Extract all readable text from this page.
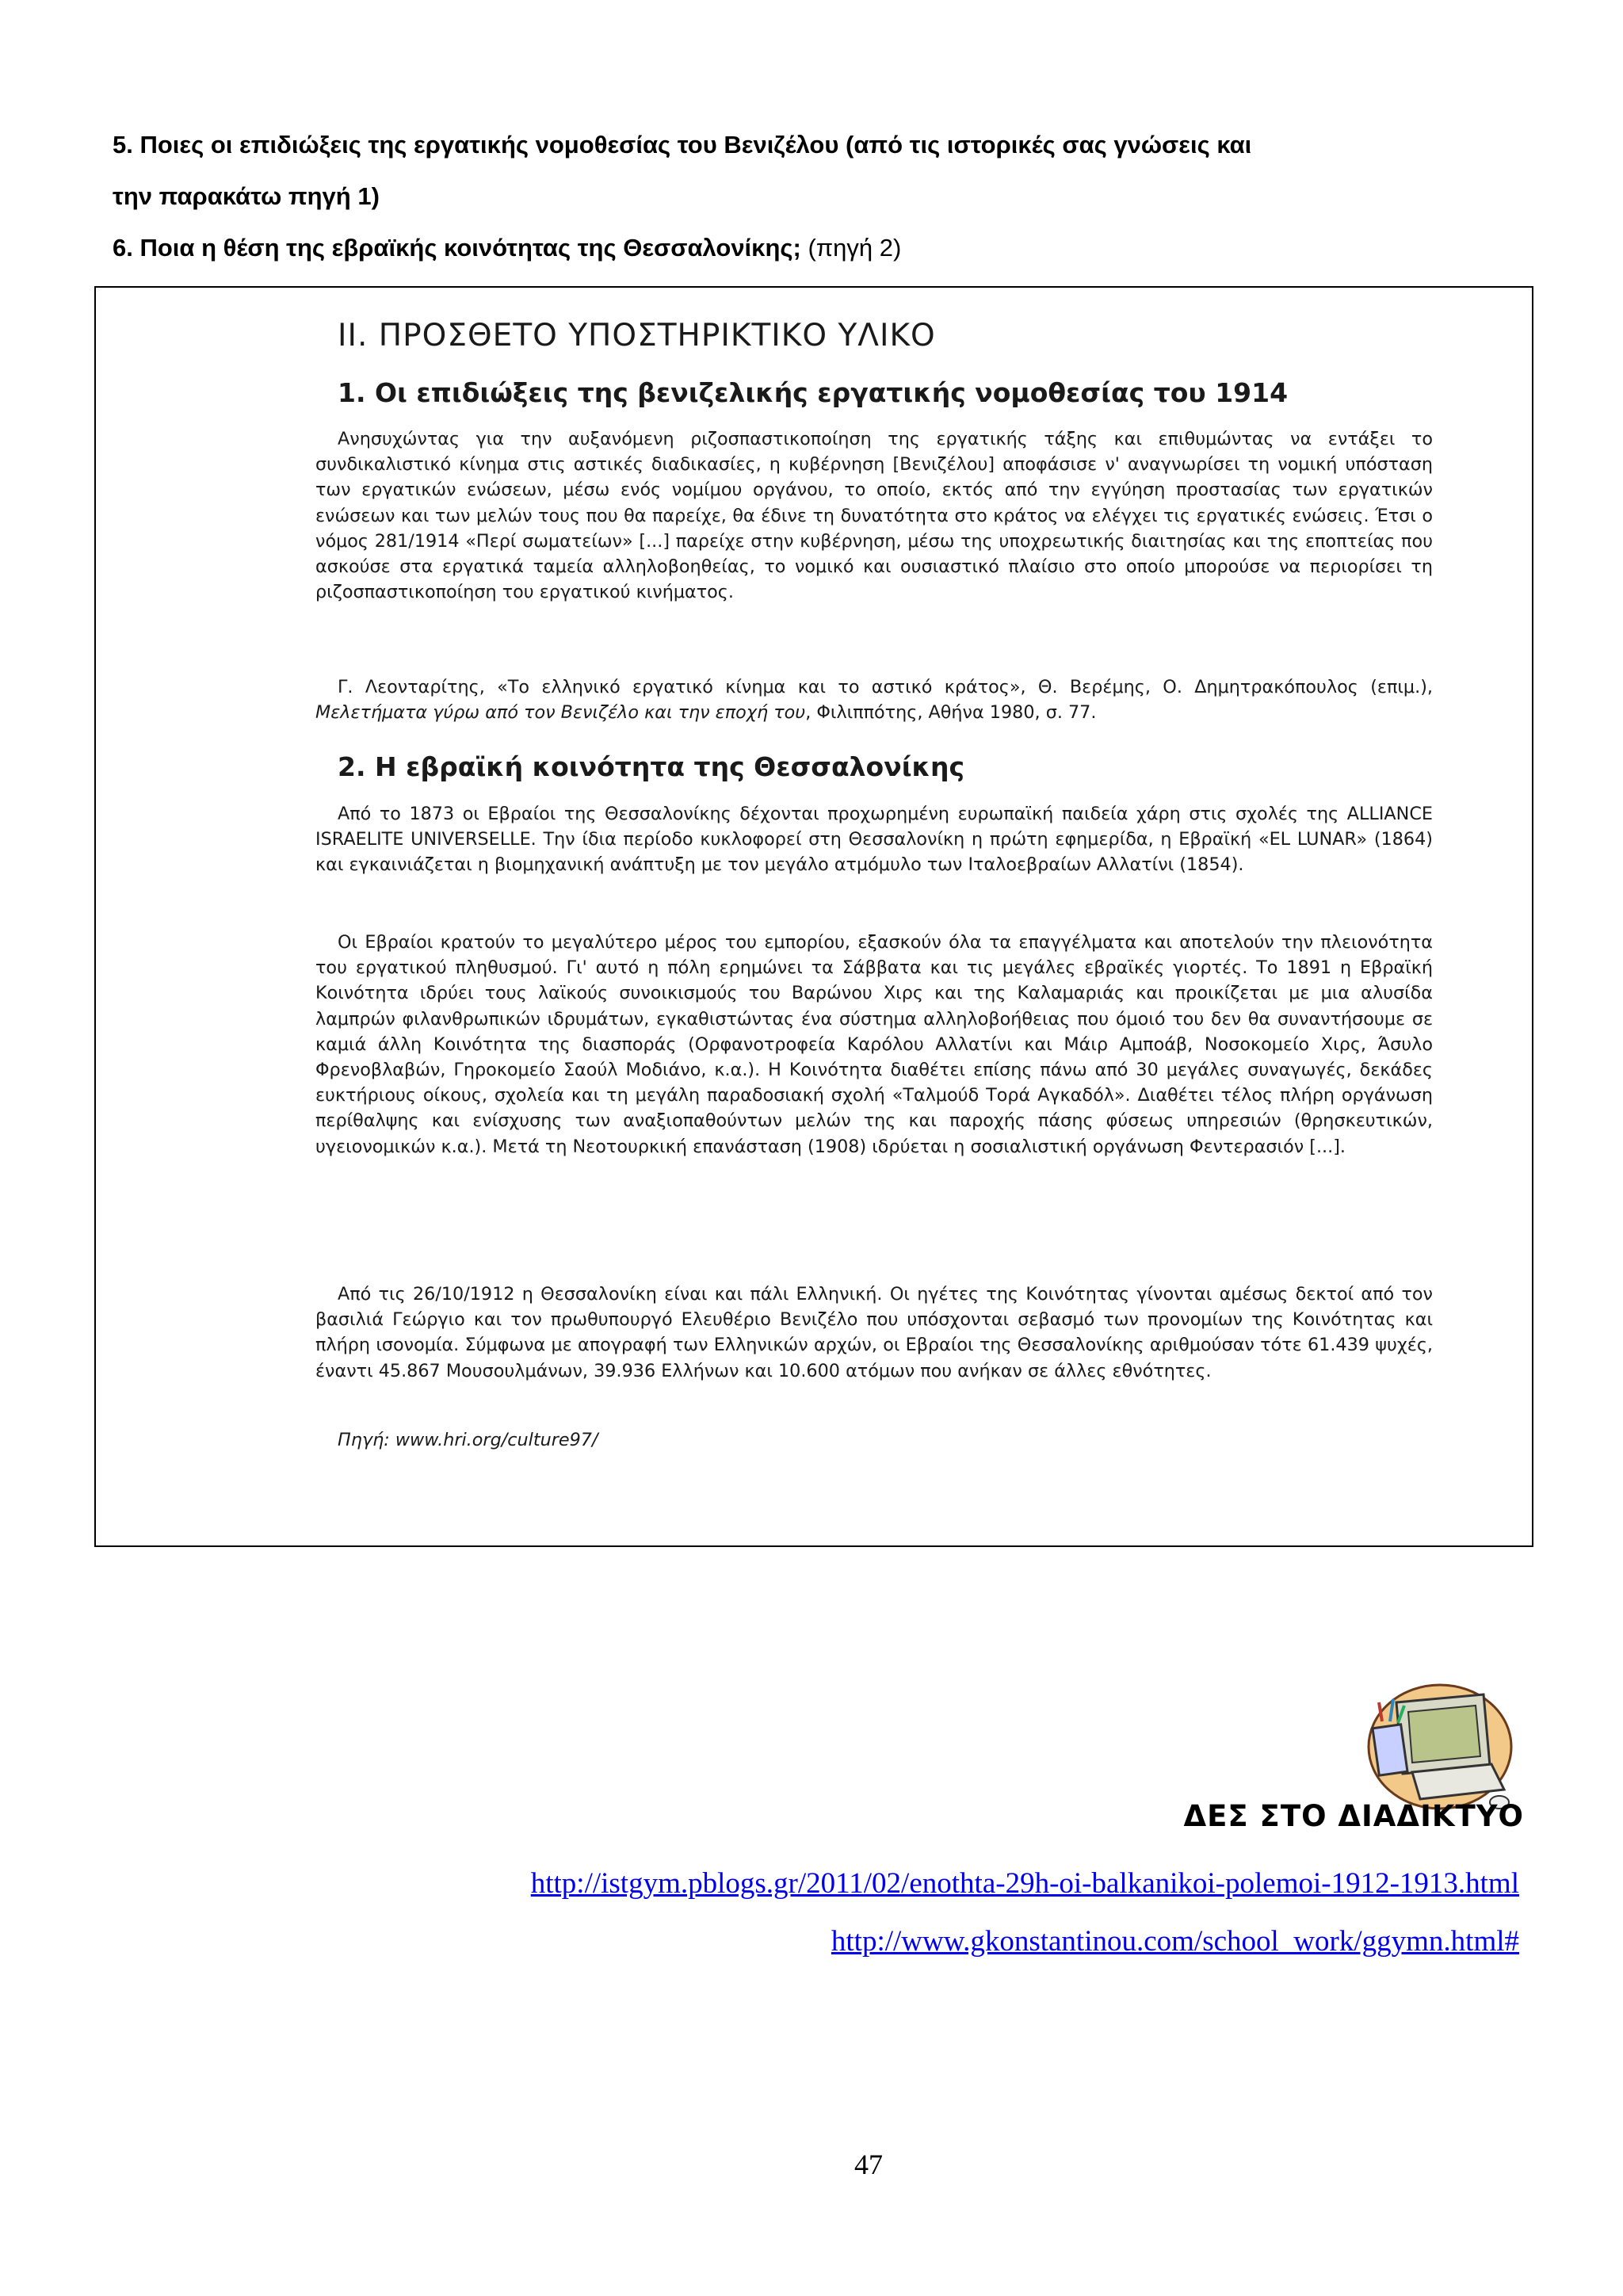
5. Ποιες οι επιδιώξεις της εργατικής νομοθεσίας του Βενιζέλου (από τις ιστορικές σας γνώσεις και
την παρακάτω πηγή 1)
6. Ποια η θέση της εβραϊκής κοινότητας της Θεσσαλονίκης; (πηγή 2)
ΙΙ. ΠΡΟΣΘΕΤΟ ΥΠΟΣΤΗΡΙΚΤΙΚΟ ΥΛΙΚΟ
1. Οι επιδιώξεις της βενιζελικής εργατικής νομοθεσίας του 1914
Ανησυχώντας για την αυξανόμενη ριζοσπαστικοποίηση της εργατικής τάξης και επιθυμώντας να εντάξει το συνδικαλιστικό κίνημα στις αστικές διαδικασίες, η κυβέρνηση [Βενιζέλου] αποφάσισε ν' αναγνωρίσει τη νομική υπόσταση των εργατικών ενώσεων, μέσω ενός νομίμου οργάνου, το οποίο, εκτός από την εγγύηση προστασίας των εργατικών ενώσεων και των μελών τους που θα παρείχε, θα έδινε τη δυνατότητα στο κράτος να ελέγχει τις εργατικές ενώσεις. Έτσι ο νόμος 281/1914 «Περί σωματείων» [...] παρείχε στην κυβέρνηση, μέσω της υποχρεωτικής διαιτησίας και της εποπτείας που ασκούσε στα εργατικά ταμεία αλληλοβοηθείας, το νομικό και ουσιαστικό πλαίσιο στο οποίο μπορούσε να περιορίσει τη ριζοσπαστικοποίηση του εργατικού κινήματος.
Γ. Λεονταρίτης, «Το ελληνικό εργατικό κίνημα και το αστικό κράτος», Θ. Βερέμης, Ο. Δημητρακόπουλος (επιμ.), Μελετήματα γύρω από τον Βενιζέλο και την εποχή του, Φιλιππότης, Αθήνα 1980, σ. 77.
2. Η εβραϊκή κοινότητα της Θεσσαλονίκης
Από το 1873 οι Εβραίοι της Θεσσαλονίκης δέχονται προχωρημένη ευρωπαϊκή παιδεία χάρη στις σχολές της ALLIANCE ISRAELITE UNIVERSELLE. Την ίδια περίοδο κυκλοφορεί στη Θεσσαλονίκη η πρώτη εφημερίδα, η Εβραϊκή «EL LUNAR» (1864) και εγκαινιάζεται η βιομηχανική ανάπτυξη με τον μεγάλο ατμόμυλο των Ιταλοεβραίων Αλλατίνι (1854).
Οι Εβραίοι κρατούν το μεγαλύτερο μέρος του εμπορίου, εξασκούν όλα τα επαγγέλματα και αποτελούν την πλειονότητα του εργατικού πληθυσμού. Γι' αυτό η πόλη ερημώνει τα Σάββατα και τις μεγάλες εβραϊκές γιορτές. Το 1891 η Εβραϊκή Κοινότητα ιδρύει τους λαϊκούς συνοικισμούς του Βαρώνου Χιρς και της Καλαμαριάς και προικίζεται με μια αλυσίδα λαμπρών φιλανθρωπικών ιδρυμάτων, εγκαθιστώντας ένα σύστημα αλληλοβοήθειας που όμοιό του δεν θα συναντήσουμε σε καμιά άλλη Κοινότητα της διασποράς (Ορφανοτροφεία Καρόλου Αλλατίνι και Μάιρ Αμποάβ, Νοσοκομείο Χιρς, Άσυλο Φρενοβλαβών, Γηροκομείο Σαούλ Μοδιάνο, κ.α.). Η Κοινότητα διαθέτει επίσης πάνω από 30 μεγάλες συναγωγές, δεκάδες ευκτήριους οίκους, σχολεία και τη μεγάλη παραδοσιακή σχολή «Ταλμούδ Τορά Αγκαδόλ». Διαθέτει τέλος πλήρη οργάνωση περίθαλψης και ενίσχυσης των αναξιοπαθούντων μελών της και παροχής πάσης φύσεως υπηρεσιών (θρησκευτικών, υγειονομικών κ.α.). Μετά τη Νεοτουρκική επανάσταση (1908) ιδρύεται η σοσιαλιστική οργάνωση Φεντερασιόν [...].
Από τις 26/10/1912 η Θεσσαλονίκη είναι και πάλι Ελληνική. Οι ηγέτες της Κοινότητας γίνονται αμέσως δεκτοί από τον βασιλιά Γεώργιο και τον πρωθυπουργό Ελευθέριο Βενιζέλο που υπόσχονται σεβασμό των προνομίων της Κοινότητας και πλήρη ισονομία. Σύμφωνα με απογραφή των Ελληνικών αρχών, οι Εβραίοι της Θεσσαλονίκης αριθμούσαν τότε 61.439 ψυχές, έναντι 45.867 Μουσουλμάνων, 39.936 Ελλήνων και 10.600 ατόμων που ανήκαν σε άλλες εθνότητες.
Πηγή: www.hri.org/culture97/
ΔΕΣ ΣΤΟ ΔΙΑΔΙΚΤΥΟ
http://istgym.pblogs.gr/2011/02/enothta-29h-oi-balkanikoi-polemoi-1912-1913.html
http://www.gkonstantinou.com/school_work/ggymn.html#
47
